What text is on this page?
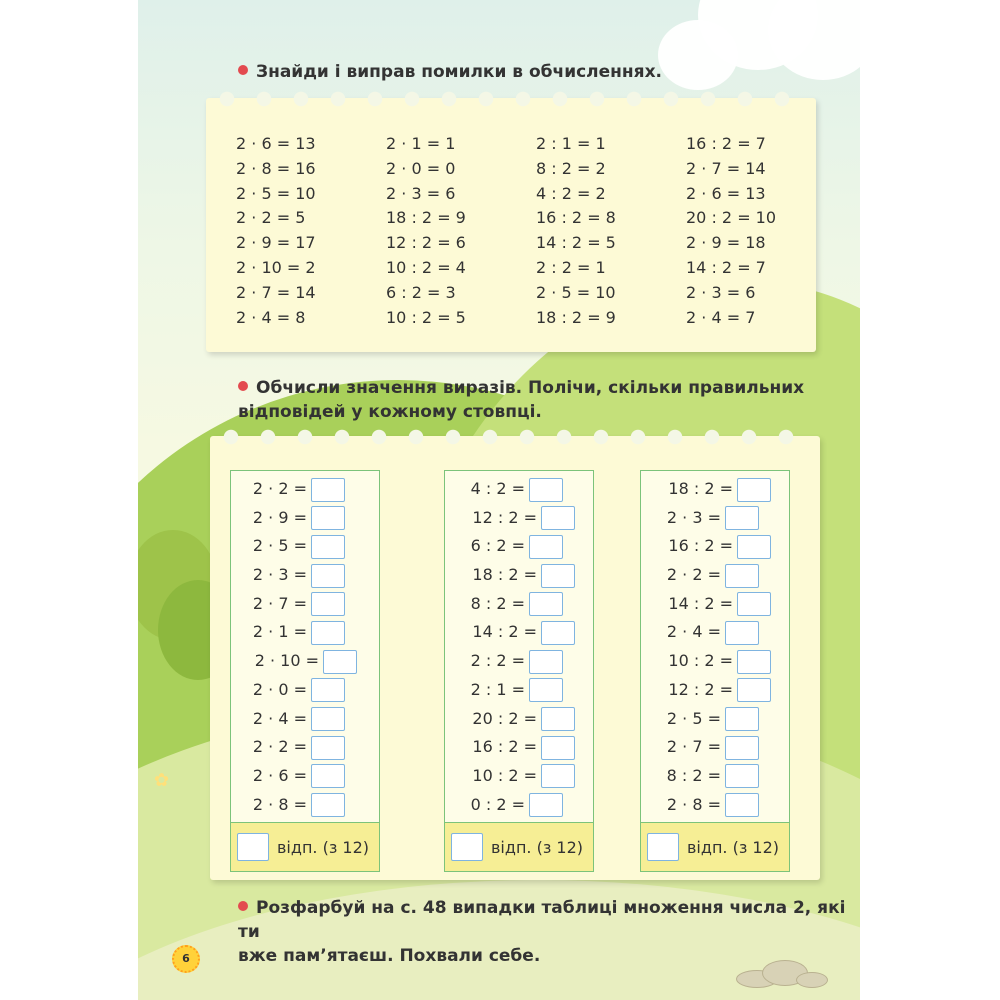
Знайди і виправ помилки в обчисленнях.

2 · 6 = 13
2 · 8 = 16
2 · 5 = 10
2 · 2 = 5
2 · 9 = 17
2 · 10 = 2
2 · 7 = 14
2 · 4 = 8
2 · 1 = 1
2 · 0 = 0
2 · 3 = 6
18 : 2 = 9
12 : 2 = 6
10 : 2 = 4
6 : 2 = 3
10 : 2 = 5
2 : 1 = 1
8 : 2 = 2
4 : 2 = 2
16 : 2 = 8
14 : 2 = 5
2 : 2 = 1
2 · 5 = 10
18 : 2 = 9
16 : 2 = 7
2 · 7 = 14
2 · 6 = 13
20 : 2 = 10
2 · 9 = 18
14 : 2 = 7
2 · 3 = 6
2 · 4 = 7

Обчисли значення виразів. Полічи, скільки правильних
відповідей у кожному стовпці.

2 · 2 =
2 · 9 =
2 · 5 =
2 · 3 =
2 · 7 =
2 · 1 =
2 · 10 =
2 · 0 =
2 · 4 =
2 · 2 =
2 · 6 =
2 · 8 =
відп. (з 12)
4 : 2 =
12 : 2 =
6 : 2 =
18 : 2 =
8 : 2 =
14 : 2 =
2 : 2 =
2 : 1 =
20 : 2 =
16 : 2 =
10 : 2 =
0 : 2 =
відп. (з 12)
18 : 2 =
2 · 3 =
16 : 2 =
2 · 2 =
14 : 2 =
2 · 4 =
10 : 2 =
12 : 2 =
2 · 5 =
2 · 7 =
8 : 2 =
2 · 8 =
відп. (з 12)

Розфарбуй на с. 48 випадки таблиці множення числа 2, які ти
вже пам’ятаєш. Похвали себе.

✿
6
